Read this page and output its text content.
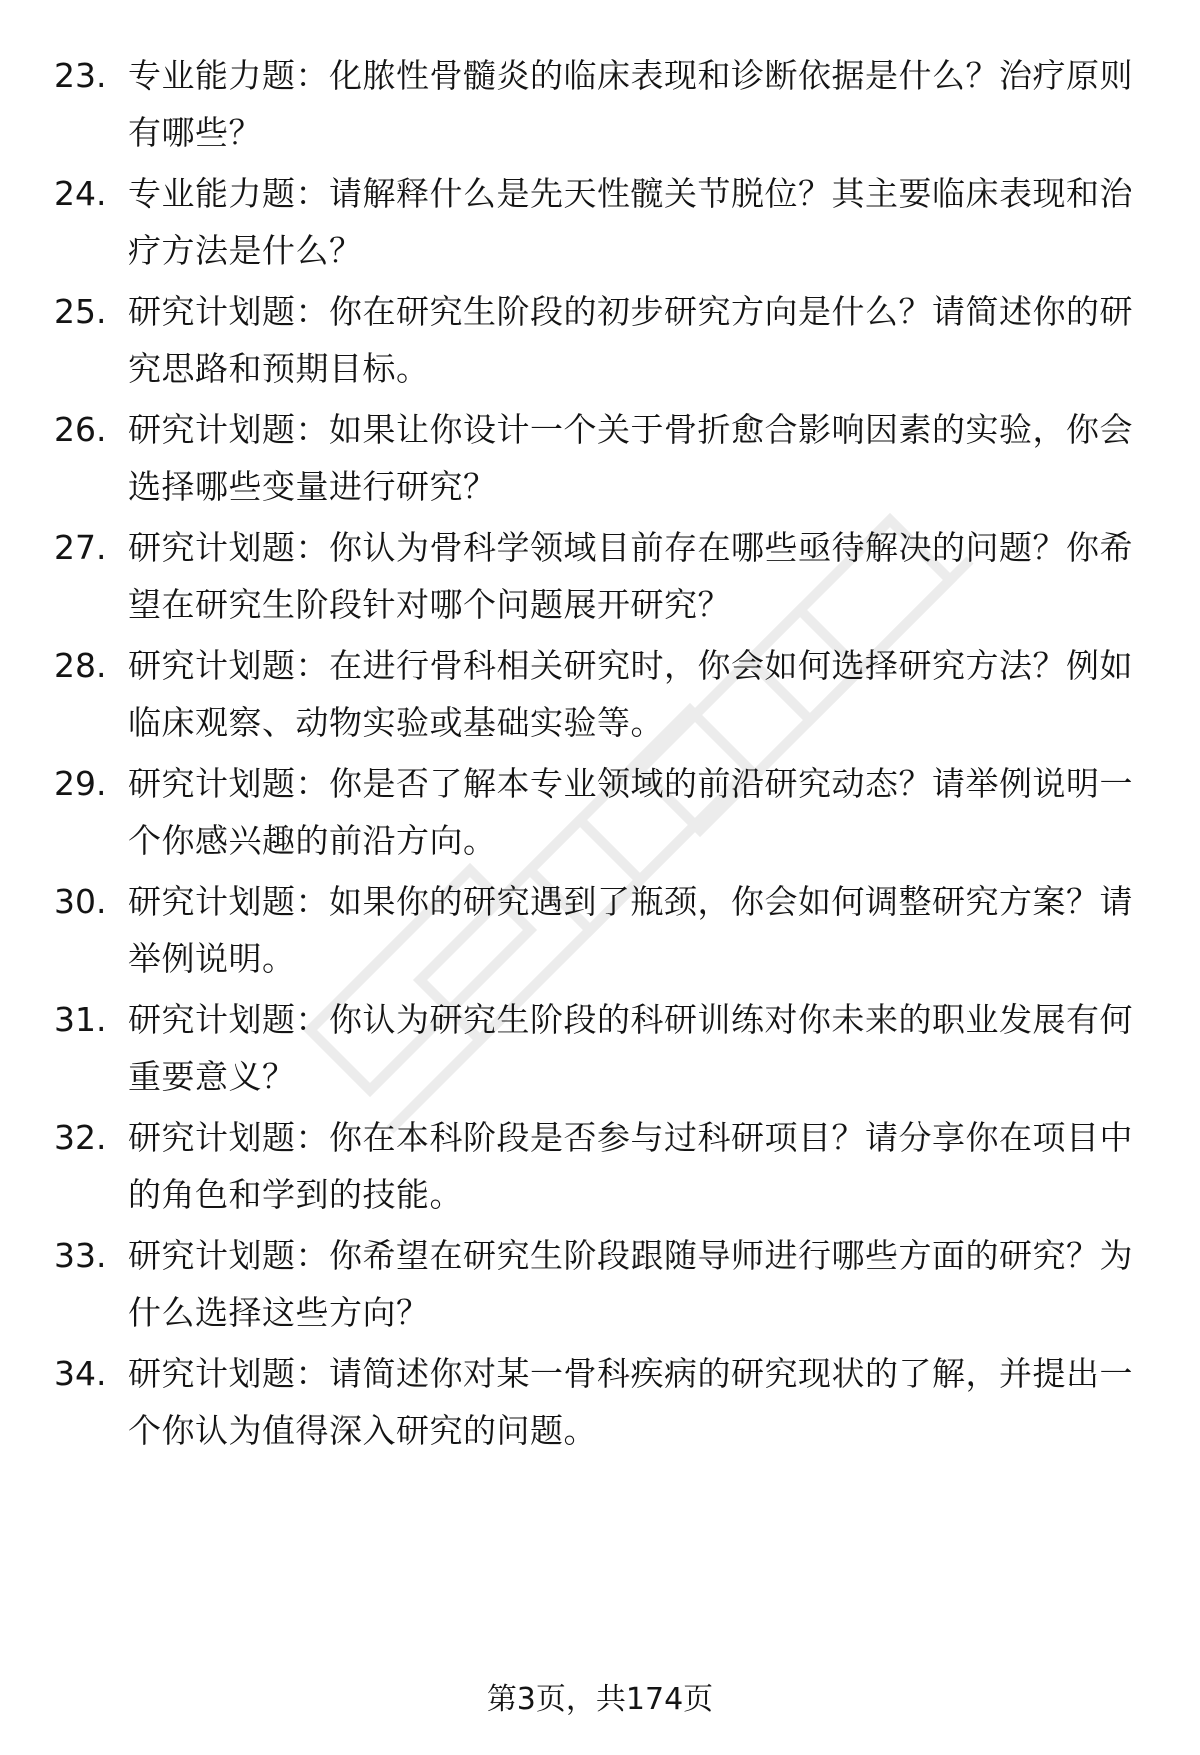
23. 专业能力题：化脓性骨髓炎的临床表现和诊断依据是什么？治疗原则有哪些？
24. 专业能力题：请解释什么是先天性髋关节脱位？其主要临床表现和治疗方法是什么？
25. 研究计划题：你在研究生阶段的初步研究方向是什么？请简述你的研究思路和预期目标。
26. 研究计划题：如果让你设计一个关于骨折愈合影响因素的实验，你会选择哪些变量进行研究？
27. 研究计划题：你认为骨科学领域目前存在哪些亟待解决的问题？你希望在研究生阶段针对哪个问题展开研究？
28. 研究计划题：在进行骨科相关研究时，你会如何选择研究方法？例如临床观察、动物实验或基础实验等。
29. 研究计划题：你是否了解本专业领域的前沿研究动态？请举例说明一个你感兴趣的前沿方向。
30. 研究计划题：如果你的研究遇到了瓶颈，你会如何调整研究方案？请举例说明。
31. 研究计划题：你认为研究生阶段的科研训练对你未来的职业发展有何重要意义？
32. 研究计划题：你在本科阶段是否参与过科研项目？请分享你在项目中的角色和学到的技能。
33. 研究计划题：你希望在研究生阶段跟随导师进行哪些方面的研究？为什么选择这些方向？
34. 研究计划题：请简述你对某一骨科疾病的研究现状的了解，并提出一个你认为值得深入研究的问题。
第3页，共174页
